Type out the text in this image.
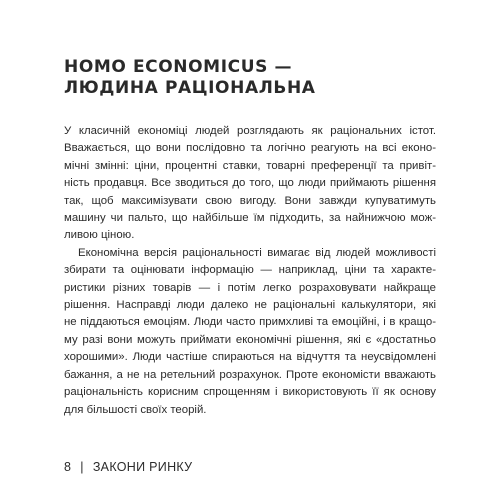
HOMO ECONOMICUS —
ЛЮДИНА РАЦІОНАЛЬНА
У класичній економіці людей розглядають як раціональних істот.
Вважається, що вони послідовно та логічно реагують на всі еконо-
мічні змінні: ціни, процентні ставки, товарні преференції та привіт-
ність продавця. Все зводиться до того, що люди приймають рішення
так, щоб максимізувати свою вигоду. Вони завжди купуватимуть
машину чи пальто, що найбільше їм підходить, за найнижчою мож-
ливою ціною.
Економічна версія раціональності вимагає від людей можливості
збирати та оцінювати інформацію — наприклад, ціни та характе-
ристики різних товарів — і потім легко розраховувати найкраще
рішення. Насправді люди далеко не раціональні калькулятори, які
не піддаються емоціям. Люди часто примхливі та емоційні, і в кращо-
му разі вони можуть приймати економічні рішення, які є «достатньо
хорошими». Люди частіше спираються на відчуття та неусвідомлені
бажання, а не на ретельний розрахунок. Проте економісти вважають
раціональність корисним спрощенням і використовують її як основу
для більшості своїх теорій.
8 | ЗАКОНИ РИНКУ
